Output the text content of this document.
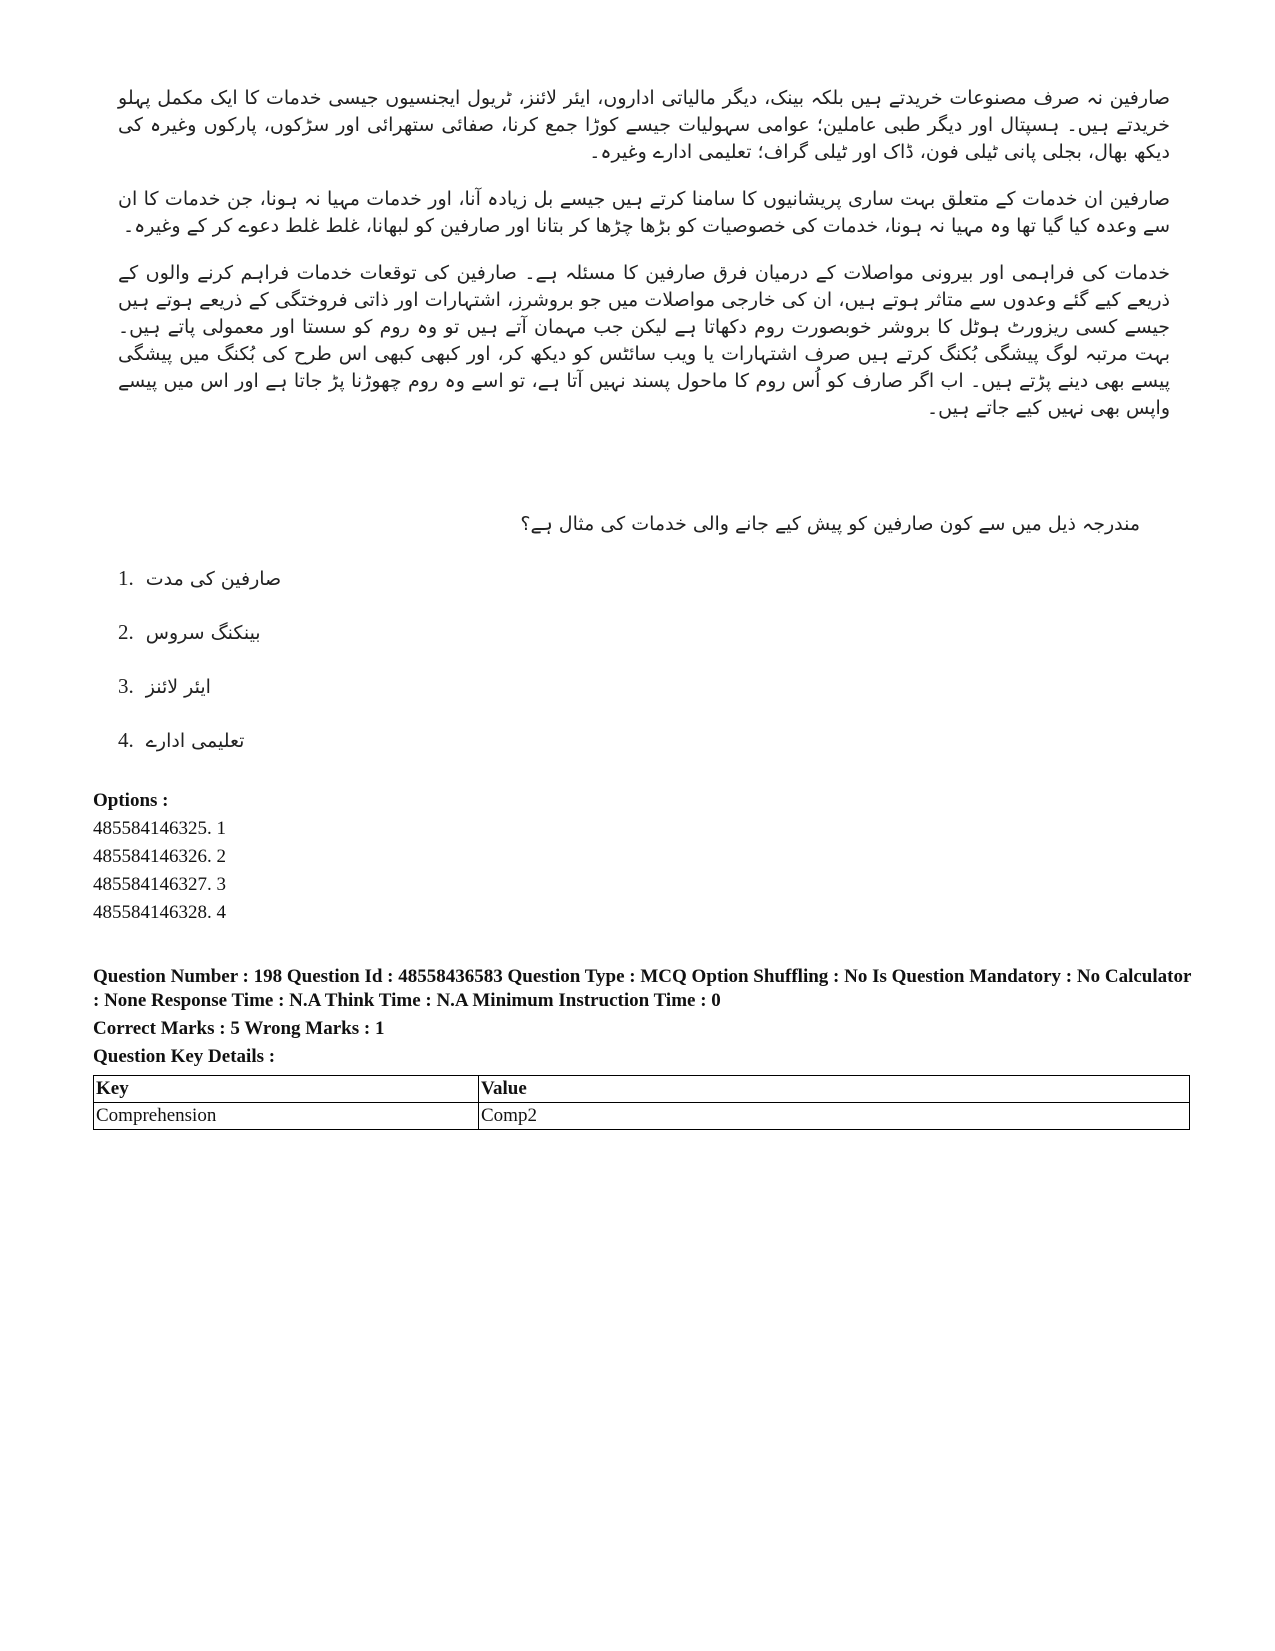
صارفین نہ صرف مصنوعات خریدتے ہیں بلکہ بینک، دیگر مالیاتی اداروں، ایئر لائنز، ٹریول ایجنسیوں جیسی خدمات کا ایک مکمل پہلو خریدتے ہیں۔ ہسپتال اور دیگر طبی عاملین؛ عوامی سہولیات جیسے کوڑا جمع کرنا، صفائی ستھرائی اور سڑکوں، پارکوں وغیرہ کی دیکھ بھال، بجلی پانی ٹیلی فون، ڈاک اور ٹیلی گراف؛ تعلیمی ادارے وغیرہ۔

صارفین ان خدمات کے متعلق بہت ساری پریشانیوں کا سامنا کرتے ہیں جیسے بل زیادہ آنا، اور خدمات مہیا نہ ہونا، جن خدمات کا ان سے وعدہ کیا گیا تھا وہ مہیا نہ ہونا، خدمات کی خصوصیات کو بڑھا چڑھا کر بتانا اور صارفین کو لبھانا، غلط غلط دعوے کر کے وغیرہ۔

خدمات کی فراہمی اور بیرونی مواصلات کے درمیان فرق صارفین کا مسئلہ ہے۔ صارفین کی توقعات خدمات فراہم کرنے والوں کے ذریعے کیے گئے وعدوں سے متاثر ہوتے ہیں، ان کی خارجی مواصلات میں جو بروشرز، اشتہارات اور ذاتی فروختگی کے ذریعے ہوتے ہیں جیسے کسی ریزورٹ ہوٹل کا بروشر خوبصورت روم دکھاتا ہے لیکن جب مہمان آتے ہیں تو وہ روم کو سستا اور معمولی پاتے ہیں۔ بہت مرتبہ لوگ پیشگی بُکنگ کرتے ہیں صرف اشتہارات یا ویب سائٹس کو دیکھ کر، اور کبھی کبھی اس طرح کی بُکنگ میں پیشگی پیسے بھی دینے پڑتے ہیں۔ اب اگر صارف کو اُس روم کا ماحول پسند نہیں آتا ہے، تو اسے وہ روم چھوڑنا پڑ جاتا ہے اور اس میں پیسے واپس بھی نہیں کیے جاتے ہیں۔

مندرجہ ذیل میں سے کون صارفین کو پیش کیے جانے والی خدمات کی مثال ہے؟
1. صارفین کی مدت
2. بینکنگ سروس
3. ایئر لائنز
4. تعلیمی ادارے
Options :
485584146325. 1
485584146326. 2
485584146327. 3
485584146328. 4
Question Number : 198 Question Id : 48558436583 Question Type : MCQ Option Shuffling : No Is Question Mandatory : No Calculator : None Response Time : N.A Think Time : N.A Minimum Instruction Time : 0
Correct Marks : 5 Wrong Marks : 1
Question Key Details :
Key	Value
Comprehension	Comp2
